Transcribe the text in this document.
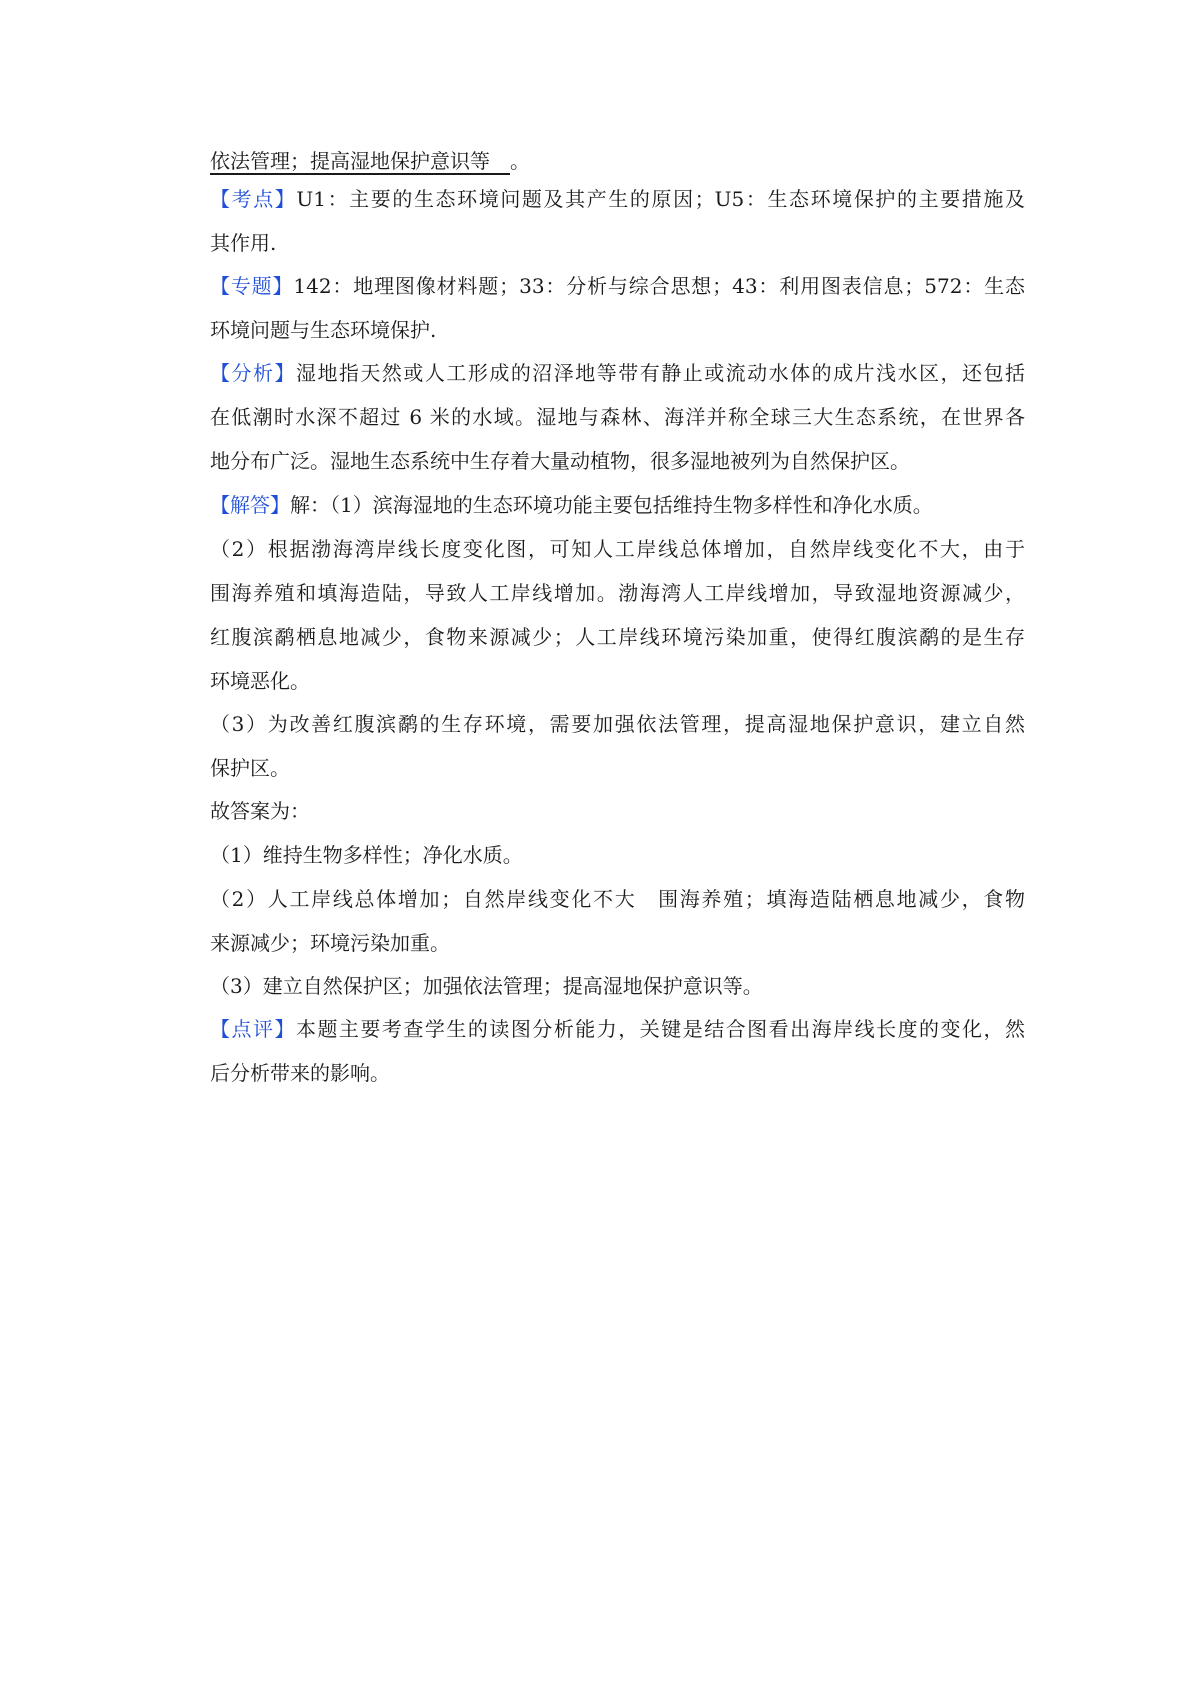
依法管理；提高湿地保护意识等　。
【考点】U1：主要的生态环境问题及其产生的原因；U5：生态环境保护的主要措施及
其作用.
【专题】142：地理图像材料题；33：分析与综合思想；43：利用图表信息；572：生态
环境问题与生态环境保护.
【分析】湿地指天然或人工形成的沼泽地等带有静止或流动水体的成片浅水区，还包括
在低潮时水深不超过 6 米的水域。湿地与森林、海洋并称全球三大生态系统，在世界各
地分布广泛。湿地生态系统中生存着大量动植物，很多湿地被列为自然保护区。
【解答】解：（1）滨海湿地的生态环境功能主要包括维持生物多样性和净化水质。
（2）根据渤海湾岸线长度变化图，可知人工岸线总体增加，自然岸线变化不大，由于
围海养殖和填海造陆，导致人工岸线增加。渤海湾人工岸线增加，导致湿地资源减少，
红腹滨鹬栖息地减少，食物来源减少；人工岸线环境污染加重，使得红腹滨鹬的是生存
环境恶化。
（3）为改善红腹滨鹬的生存环境，需要加强依法管理，提高湿地保护意识，建立自然
保护区。
故答案为：
（1）维持生物多样性；净化水质。
（2）人工岸线总体增加；自然岸线变化不大　围海养殖；填海造陆栖息地减少，食物
来源减少；环境污染加重。
（3）建立自然保护区；加强依法管理；提高湿地保护意识等。
【点评】本题主要考查学生的读图分析能力，关键是结合图看出海岸线长度的变化，然
后分析带来的影响。
